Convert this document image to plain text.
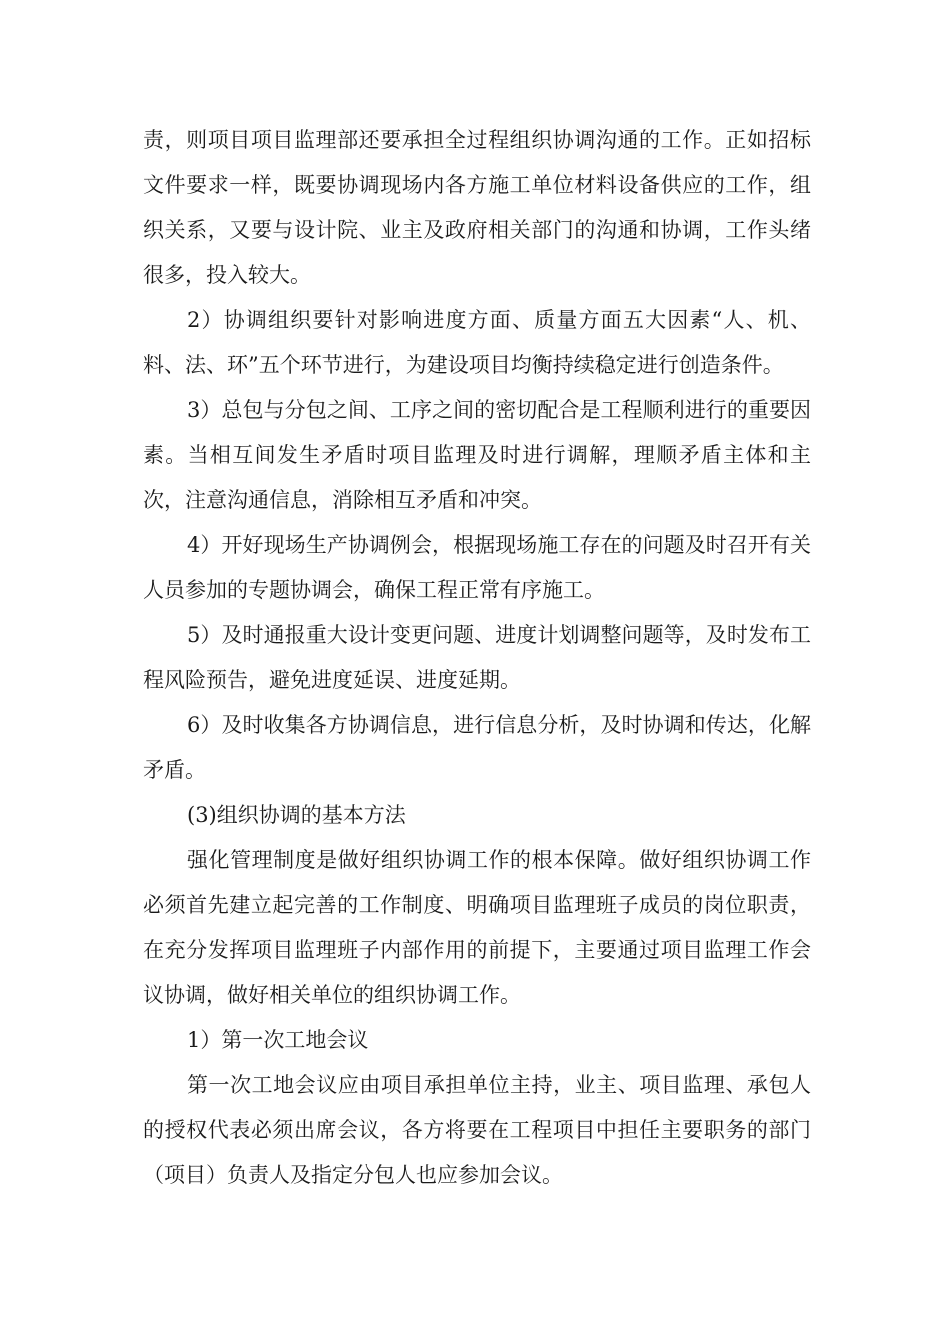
责，则项目项目监理部还要承担全过程组织协调沟通的工作。正如招标文件要求一样，既要协调现场内各方施工单位材料设备供应的工作，组织关系，又要与设计院、业主及政府相关部门的沟通和协调，工作头绪很多，投入较大。

2）协调组织要针对影响进度方面、质量方面五大因素“人、机、料、法、环”五个环节进行，为建设项目均衡持续稳定进行创造条件。

3）总包与分包之间、工序之间的密切配合是工程顺利进行的重要因素。当相互间发生矛盾时项目监理及时进行调解，理顺矛盾主体和主次，注意沟通信息，消除相互矛盾和冲突。

4）开好现场生产协调例会，根据现场施工存在的问题及时召开有关人员参加的专题协调会，确保工程正常有序施工。

5）及时通报重大设计变更问题、进度计划调整问题等，及时发布工程风险预告，避免进度延误、进度延期。

6）及时收集各方协调信息，进行信息分析，及时协调和传达，化解矛盾。

(3)组织协调的基本方法

强化管理制度是做好组织协调工作的根本保障。做好组织协调工作必须首先建立起完善的工作制度、明确项目监理班子成员的岗位职责，在充分发挥项目监理班子内部作用的前提下，主要通过项目监理工作会议协调，做好相关单位的组织协调工作。

1）第一次工地会议

第一次工地会议应由项目承担单位主持，业主、项目监理、承包人的授权代表必须出席会议，各方将要在工程项目中担任主要职务的部门（项目）负责人及指定分包人也应参加会议。
